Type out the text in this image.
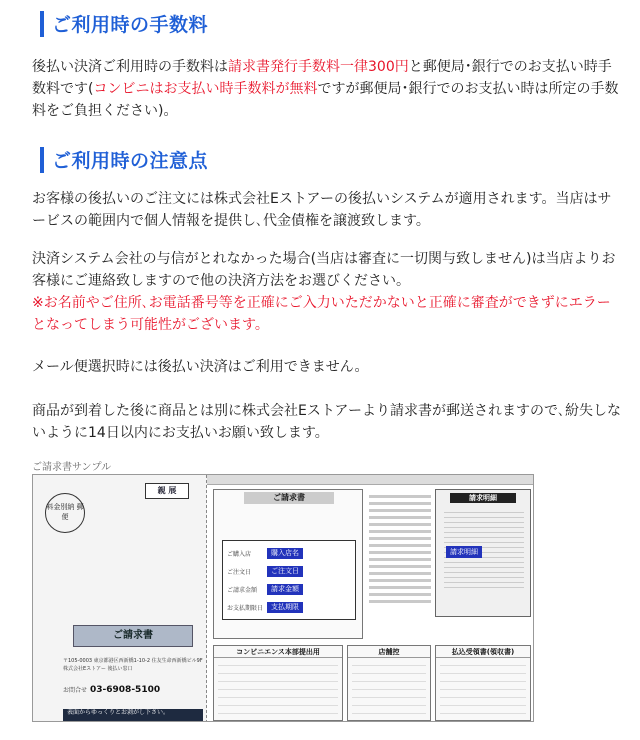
ご利用時の手数料
後払い決済ご利用時の手数料は請求書発行手数料一律300円と郵便局･銀行でのお支払い時手数料です(コンビニはお支払い時手数料が無料ですが郵便局･銀行でのお支払い時は所定の手数料をご負担ください)。
ご利用時の注意点
お客様の後払いのご注文には株式会社Eストアーの後払いシステムが適用されます。当店はサービスの範囲内で個人情報を提供し､代金債権を譲渡致します。
決済システム会社の与信がとれなかった場合(当店は審査に一切関与致しません)は当店よりお客様にご連絡致しますので他の決済方法をお選びください。
※お名前やご住所､お電話番号等を正確にご入力いただかないと正確に審査ができずにエラーとなってしまう可能性がございます。
メール便選択時には後払い決済はご利用できません。
商品が到着した後に商品とは別に株式会社Eストアーより請求書が郵送されますので､紛失しないように14日以内にお支払いお願い致します。
ご請求書サンプル
料金別納 郵便
親 展
ご請求書
〒105-0003 東京都港区西新橋1-10-2 住友生命西新橋ビル9F 株式会社Eストアー 後払い窓口
お問合せ 03-6908-5100
表面からゆっくりとお剥がし下さい。
ご請求書
ご購入店	購入店名
ご注文日	ご注文日
ご請求金額	請求金額
お支払期限日	支払期限
請求明細
請求明細
コンビニエンス本部提出用	店舗控	払込受領書(領収書)
